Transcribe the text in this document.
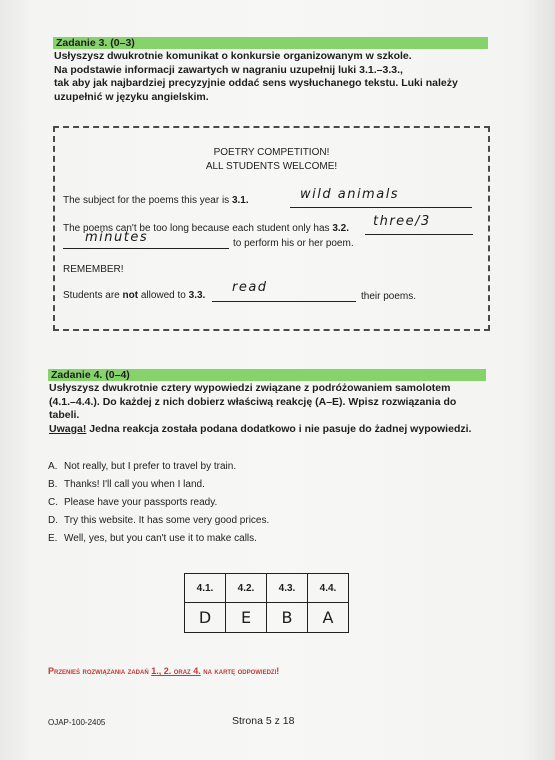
Zadanie 3. (0–3)

Usłyszysz dwukrotnie komunikat o konkursie organizowanym w szkole.

Na podstawie informacji zawartych w nagraniu uzupełnij luki 3.1.–3.3.,

tak aby jak najbardziej precyzyjnie oddać sens wysłuchanego tekstu. Luki należy

uzupełnić w języku angielskim.

POETRY COMPETITION!
ALL STUDENTS WELCOME!
The subject for the poems this year is 3.1.	wild animals
The poems can't be too long because each student only has 3.2. three/3
minutes	to perform his or her poem.
REMEMBER!
Students are not allowed to 3.3.
read
their poems.
Zadanie 4. (0–4)

Usłyszysz dwukrotnie cztery wypowiedzi związane z podróżowaniem samolotem

(4.1.–4.4.). Do każdej z nich dobierz właściwą reakcję (A–E). Wpisz rozwiązania do

tabeli.

Uwaga! Jedna reakcja została podana dodatkowo i nie pasuje do żadnej wypowiedzi.

A. Not really, but I prefer to travel by train.
B. Thanks! I'll call you when I land.
C. Please have your passports ready.
D. Try this website. It has some very good prices.
E. Well, yes, but you can't use it to make calls.
4.1.	4.2.	4.3.	4.4.
D	E	B	A
Przenieś rozwiązania zadań 1., 2. oraz 4. na kartę odpowiedzi!
OJAP-100-2405	Strona 5 z 18
